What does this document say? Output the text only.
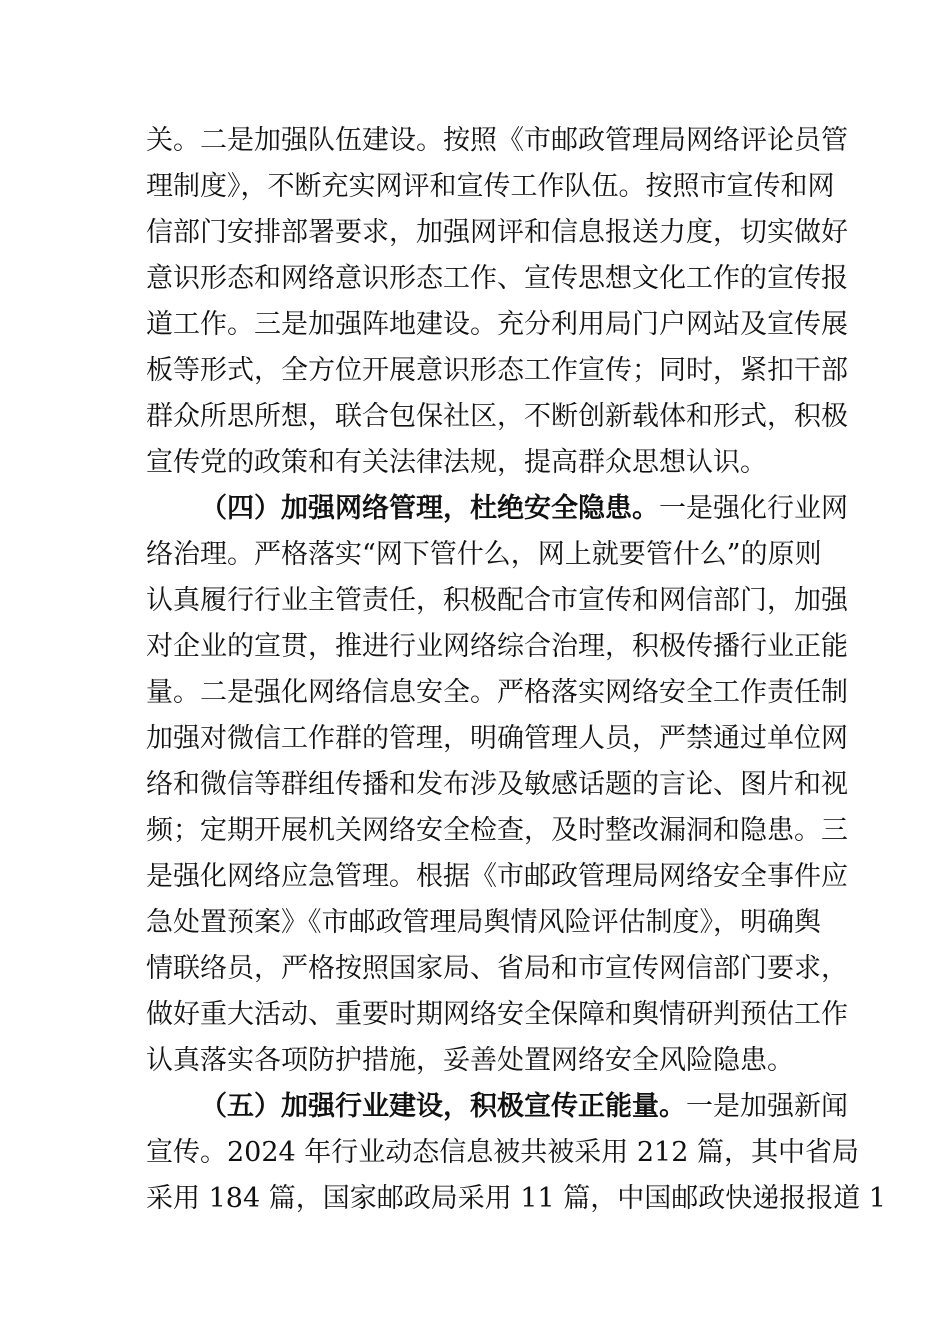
关。二是加强队伍建设。按照《市邮政管理局网络评论员管
理制度》，不断充实网评和宣传工作队伍。按照市宣传和网
信部门安排部署要求，加强网评和信息报送力度，切实做好
意识形态和网络意识形态工作、宣传思想文化工作的宣传报
道工作。三是加强阵地建设。充分利用局门户网站及宣传展
板等形式，全方位开展意识形态工作宣传；同时，紧扣干部
群众所思所想，联合包保社区，不断创新载体和形式，积极
宣传党的政策和有关法律法规，提高群众思想认识。
（四）加强网络管理，杜绝安全隐患。一是强化行业网
络治理。严格落实“网下管什么，网上就要管什么”的原则
认真履行行业主管责任，积极配合市宣传和网信部门，加强
对企业的宣贯，推进行业网络综合治理，积极传播行业正能
量。二是强化网络信息安全。严格落实网络安全工作责任制
加强对微信工作群的管理，明确管理人员，严禁通过单位网
络和微信等群组传播和发布涉及敏感话题的言论、图片和视
频；定期开展机关网络安全检查，及时整改漏洞和隐患。三
是强化网络应急管理。根据《市邮政管理局网络安全事件应
急处置预案》《市邮政管理局舆情风险评估制度》，明确舆
情联络员，严格按照国家局、省局和市宣传网信部门要求，
做好重大活动、重要时期网络安全保障和舆情研判预估工作
认真落实各项防护措施，妥善处置网络安全风险隐患。
（五）加强行业建设，积极宣传正能量。一是加强新闻
宣传。2024 年行业动态信息被共被采用 212 篇，其中省局
采用 184 篇，国家邮政局采用 11 篇，中国邮政快递报报道 1
